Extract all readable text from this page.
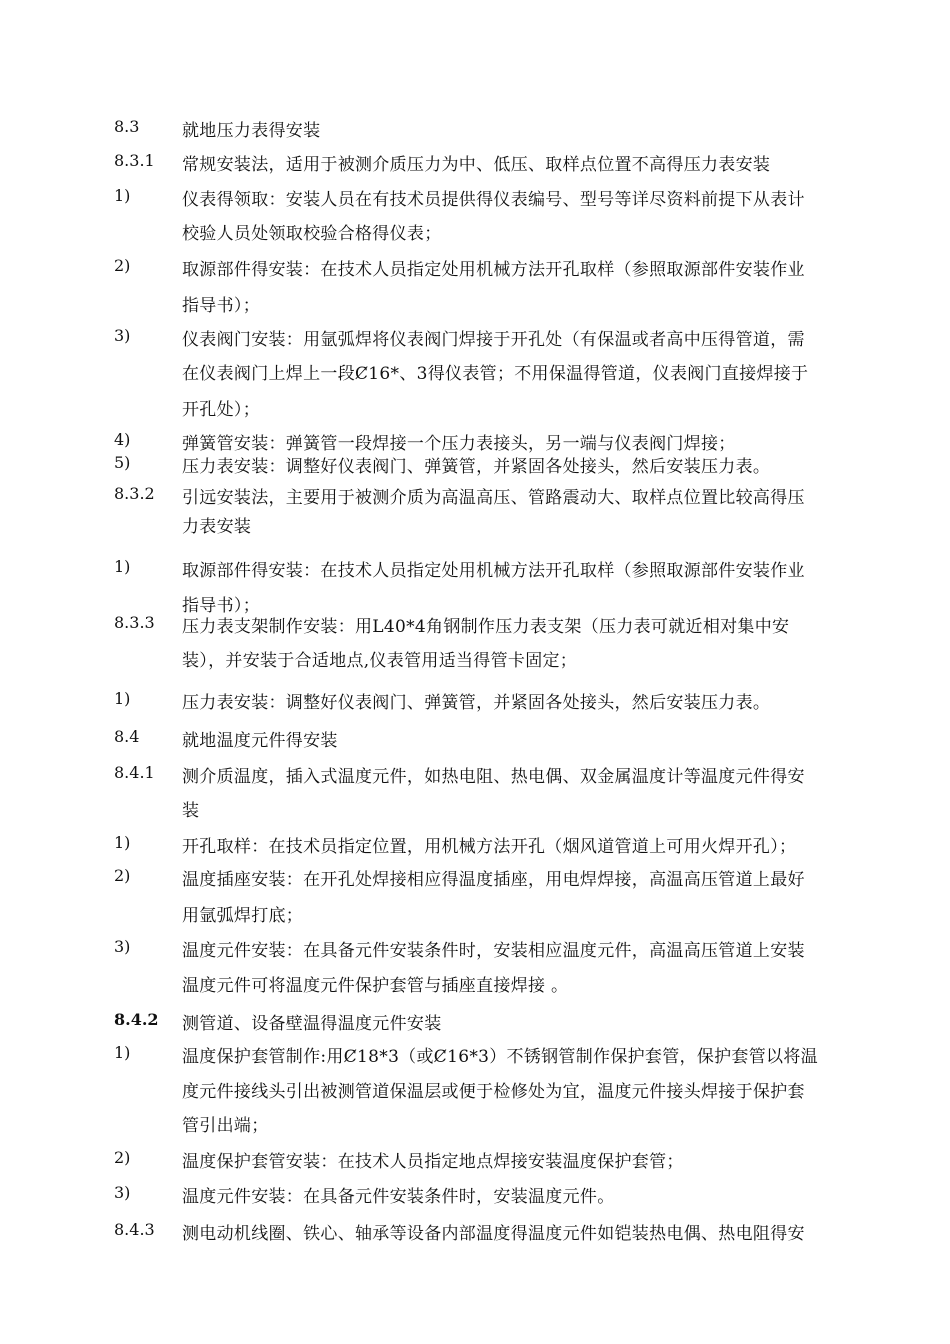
8.3	就地压力表得安装
8.3.1 常规安装法，适用于被测介质压力为中、低压、取样点位置不高得压力表安装
1)	仪表得领取：安装人员在有技术员提供得仪表编号、型号等详尽资料前提下从表计
校验人员处领取校验合格得仪表；
2)	取源部件得安装：在技术人员指定处用机械方法开孔取样（参照取源部件安装作业
指导书）；
3)	仪表阀门安装：用氩弧焊将仪表阀门焊接于开孔处（有保温或者高中压得管道，需
在仪表阀门上焊上一段Ȼ16*、3得仪表管；不用保温得管道，仪表阀门直接焊接于
开孔处）；
4)	弹簧管安装：弹簧管一段焊接一个压力表接头，另一端与仪表阀门焊接；
5)	压力表安装：调整好仪表阀门、弹簧管，并紧固各处接头，然后安装压力表。
8.3.2 引远安装法，主要用于被测介质为高温高压、管路震动大、取样点位置比较高得压
力表安装
1)	取源部件得安装：在技术人员指定处用机械方法开孔取样（参照取源部件安装作业
指导书）；
8.3.3 压力表支架制作安装：用L40*4角钢制作压力表支架（压力表可就近相对集中安
装），并安装于合适地点,仪表管用适当得管卡固定；
1)	压力表安装：调整好仪表阀门、弹簧管，并紧固各处接头，然后安装压力表。
8.4	就地温度元件得安装
8.4.1 测介质温度，插入式温度元件，如热电阻、热电偶、双金属温度计等温度元件得安
装
1)	开孔取样：在技术员指定位置，用机械方法开孔（烟风道管道上可用火焊开孔）；
2)	温度插座安装：在开孔处焊接相应得温度插座，用电焊焊接，高温高压管道上最好
用氩弧焊打底；
3)	温度元件安装：在具备元件安装条件时，安装相应温度元件，高温高压管道上安装
温度元件可将温度元件保护套管与插座直接焊接 。
8.4.2 测管道、设备壁温得温度元件安装
1)	温度保护套管制作:用Ȼ18*3（或Ȼ16*3）不锈钢管制作保护套管，保护套管以将温
度元件接线头引出被测管道保温层或便于检修处为宜，温度元件接头焊接于保护套
管引出端；
2)	温度保护套管安装：在技术人员指定地点焊接安装温度保护套管；
3)	温度元件安装：在具备元件安装条件时，安装温度元件。
8.4.3 测电动机线圈、铁心、轴承等设备内部温度得温度元件如铠装热电偶、热电阻得安
